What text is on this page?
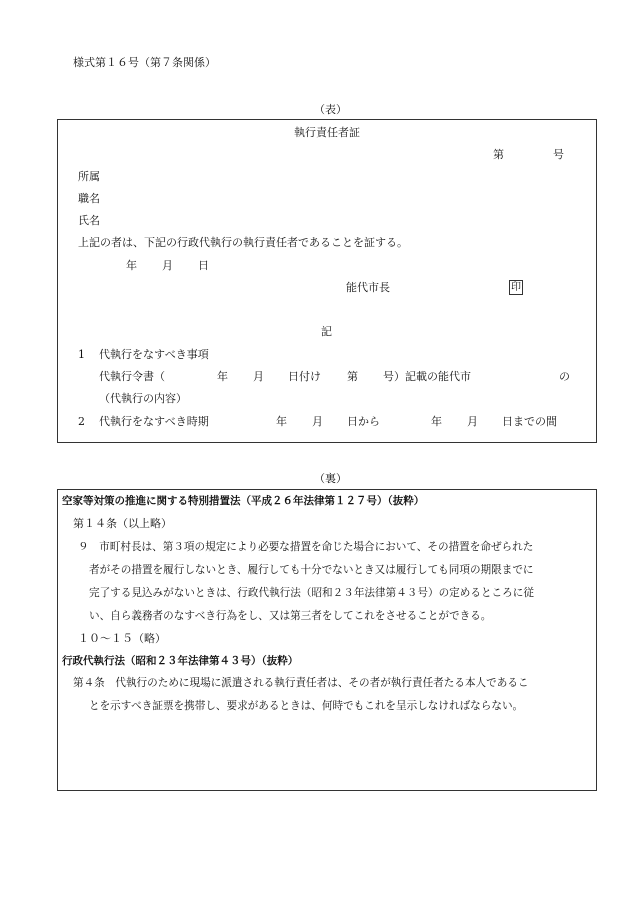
様式第１６号（第７条関係）
（表）
執行責任者証
第	号
所属
職名
氏名
上記の者は、下記の行政代執行の執行責任者であることを証する。
年 月 日
能代市長	印
記
1 代執行をなすべき事項
代執行令書（	年 月 日付け 第 号）記載の能代市	の
（代執行の内容）
2 代執行をなすべき時期	年 月 日から	年 月 日までの間
（裏）
空家等対策の推進に関する特別措置法（平成２６年法律第１２７号）（抜粋）
第１４条（以上略）
９　市町村長は、第３項の規定により必要な措置を命じた場合において、その措置を命ぜられた
者がその措置を履行しないとき、履行しても十分でないとき又は履行しても同項の期限までに
完了する見込みがないときは、行政代執行法（昭和２３年法律第４３号）の定めるところに従
い、自ら義務者のなすべき行為をし、又は第三者をしてこれをさせることができる。
１０～１５（略）
行政代執行法（昭和２３年法律第４３号）（抜粋）
第４条　代執行のために現場に派遣される執行責任者は、その者が執行責任者たる本人であるこ
とを示すべき証票を携帯し、要求があるときは、何時でもこれを呈示しなければならない。
